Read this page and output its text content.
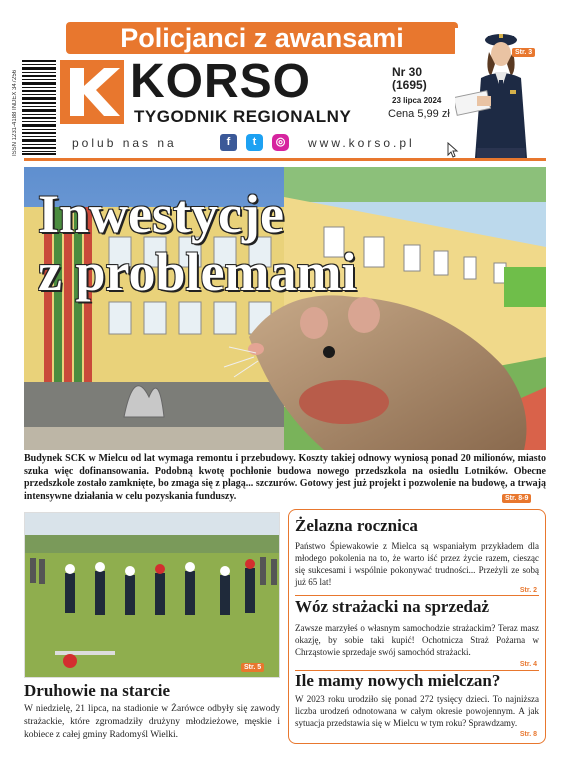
Policjanci z awansami
ISSN 1231-4188 INDEX 347256 KORSO
TYGODNIK REGIONALNY
Nr 30
(1695)
23 lipca 2024
Cena 5,99 zł
Str. 3
polub nas na	f	t	◎	www.korso.pl
Inwestycje
z problemami
Budynek SCK w Mielcu od lat wymaga remontu i przebudowy. Koszty takiej odnowy wyniosą ponad 20 milionów, miasto szuka więc dofinansowania. Podobną kwotę pochłonie budowa nowego przedszkola na osiedlu Lotników. Obecne przedszkole zostało zamknięte, bo zmaga się z plagą... szczurów. Gotowy jest już projekt i pozwolenie na budowę, a trwają intensywne działania w celu pozyskania funduszy.	Str. 8-9
Str. 5
Druhowie na starcie
W niedzielę, 21 lipca, na stadionie w Żarówce odbyły się zawody strażackie, które zgromadziły drużyny młodzieżowe, męskie i kobiece z całej gminy Radomyśl Wielki.
Żelazna rocznica
Państwo Śpiewakowie z Mielca są wspaniałym przykładem dla młodego pokolenia na to, że warto iść przez życie razem, ciesząc się sukcesami i wspólnie pokonywać trudności... Przeżyli ze sobą już 65 lat!
Str. 2
Wóz strażacki na sprzedaż
Zawsze marzyłeś o własnym samochodzie strażackim? Teraz masz okazję, by sobie taki kupić! Ochotnicza Straż Pożarna w Chrząstowie sprzedaje swój samochód strażacki.
Str. 4
Ile mamy nowych mielczan?
W 2023 roku urodziło się ponad 272 tysięcy dzieci. To najniższa liczba urodzeń odnotowana w całym okresie powojennym. A jak sytuacja przedstawia się w Mielcu w tym roku? Sprawdzamy.
Str. 8
